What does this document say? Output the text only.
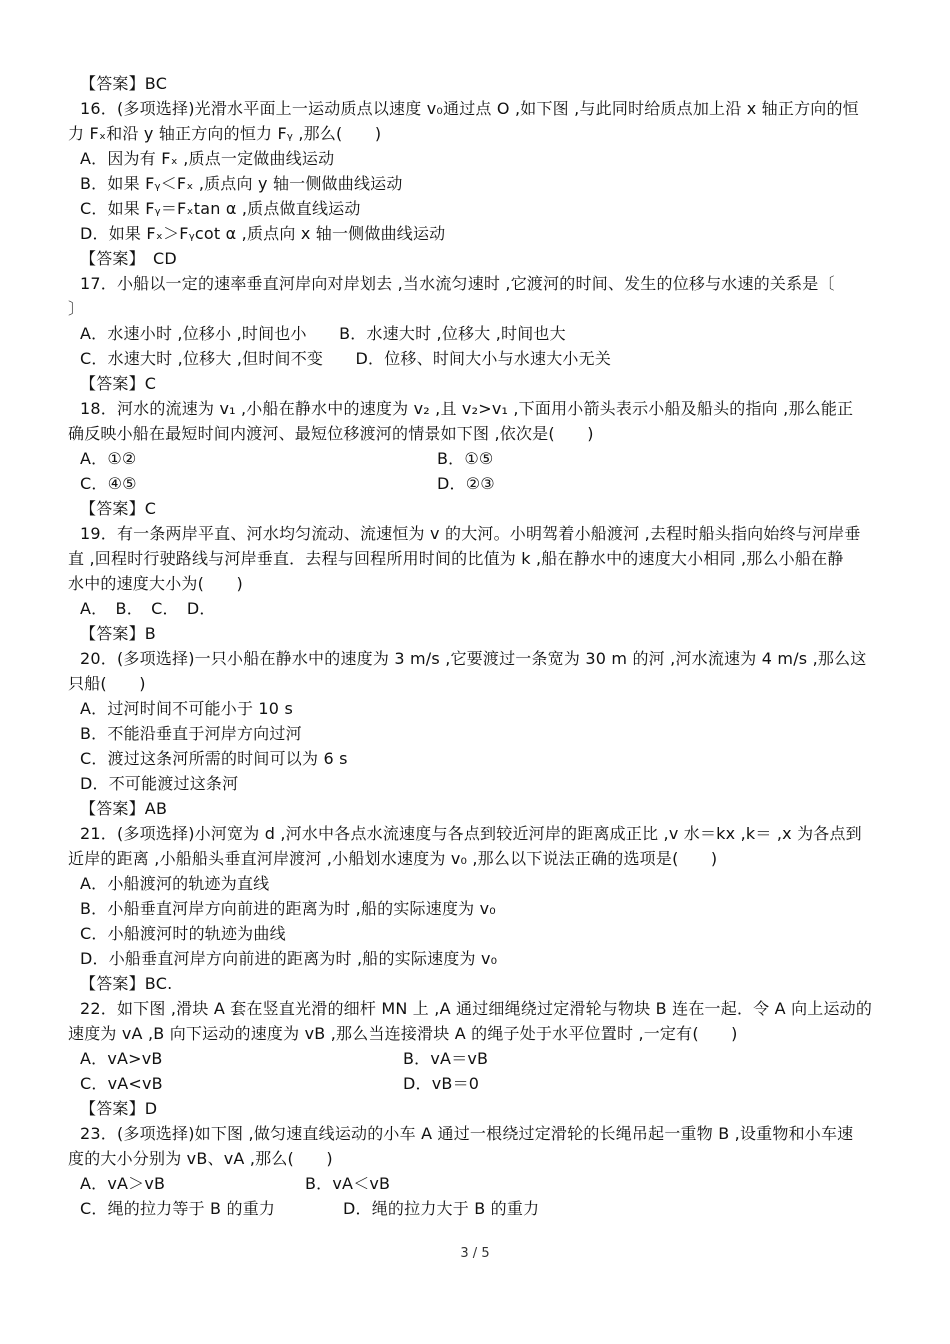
【答案】BC
16．(多项选择)光滑水平面上一运动质点以速度 v₀通过点 O ,如下图 ,与此同时给质点加上沿 x 轴正方向的恒
力 Fₓ和沿 y 轴正方向的恒力 Fᵧ ,那么(　　)
A．因为有 Fₓ ,质点一定做曲线运动
B．如果 Fᵧ＜Fₓ ,质点向 y 轴一侧做曲线运动
C．如果 Fᵧ＝Fₓtan α ,质点做直线运动
D．如果 Fₓ＞Fᵧcot α ,质点向 x 轴一侧做曲线运动
【答案】　CD
17．小船以一定的速率垂直河岸向对岸划去 ,当水流匀速时 ,它渡河的时间、发生的位移与水速的关系是〔
〕
A．水速小时 ,位移小 ,时间也小　　B．水速大时 ,位移大 ,时间也大
C．水速大时 ,位移大 ,但时间不变　　D．位移、时间大小与水速大小无关
【答案】C
18．河水的流速为 v₁ ,小船在静水中的速度为 v₂ ,且 v₂>v₁ ,下面用小箭头表示小船及船头的指向 ,那么能正
确反映小船在最短时间内渡河、最短位移渡河的情景如下图 ,依次是(　　)
A．①②	B．①⑤
C．④⑤	D．②③
【答案】C
19．有一条两岸平直、河水均匀流动、流速恒为 v 的大河。小明驾着小船渡河 ,去程时船头指向始终与河岸垂
直 ,回程时行驶路线与河岸垂直．去程与回程所用时间的比值为 k ,船在静水中的速度大小相同 ,那么小船在静
水中的速度大小为(　　)
A．　B．　C．　D．
【答案】B
20．(多项选择)一只小船在静水中的速度为 3 m/s ,它要渡过一条宽为 30 m 的河 ,河水流速为 4 m/s ,那么这
只船(　　)
A．过河时间不可能小于 10 s
B．不能沿垂直于河岸方向过河
C．渡过这条河所需的时间可以为 6 s
D．不可能渡过这条河
【答案】AB
21．(多项选择)小河宽为 d ,河水中各点水流速度与各点到较近河岸的距离成正比 ,v 水＝kx ,k＝ ,x 为各点到
近岸的距离 ,小船船头垂直河岸渡河 ,小船划水速度为 v₀ ,那么以下说法正确的选项是(　　)
A．小船渡河的轨迹为直线
B．小船垂直河岸方向前进的距离为时 ,船的实际速度为 v₀
C．小船渡河时的轨迹为曲线
D．小船垂直河岸方向前进的距离为时 ,船的实际速度为 v₀
【答案】BC.
22．如下图 ,滑块 A 套在竖直光滑的细杆 MN 上 ,A 通过细绳绕过定滑轮与物块 B 连在一起．令 A 向上运动的
速度为 vA ,B 向下运动的速度为 vB ,那么当连接滑块 A 的绳子处于水平位置时 ,一定有(　　)
A．vA>vB	B．vA＝vB
C．vA<vB	D．vB＝0
【答案】D
23．(多项选择)如下图 ,做匀速直线运动的小车 A 通过一根绕过定滑轮的长绳吊起一重物 B ,设重物和小车速
度的大小分别为 vB、vA ,那么(　　)
A．vA＞vB	B．vA＜vB
C．绳的拉力等于 B 的重力	D．绳的拉力大于 B 的重力
3 / 5
